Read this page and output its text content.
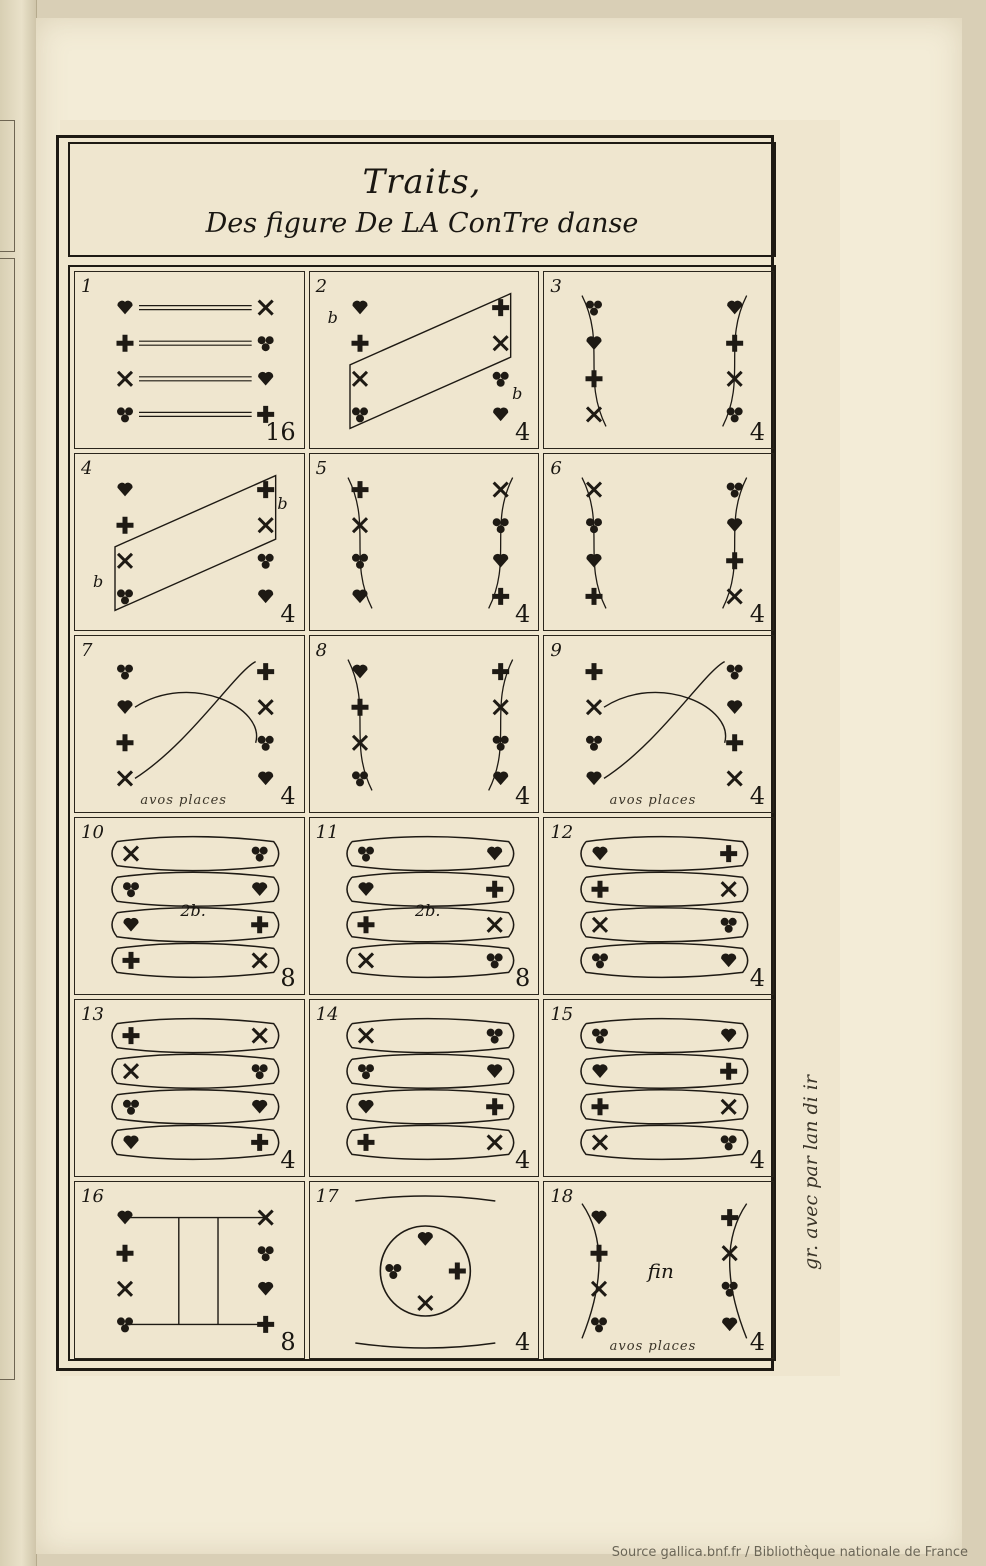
Traits,
Des figure De LA ConTre danse
1
16
2
4
b
b
3
4
4
4
b
b
5
4
6
4
7
4
avos places
8
4
9
4
avos places
10
8
2b.
11
8
2b.
12
4
13
4
14
4
15
4
16
8
17
4
fin
18
4
avos places
gr. avec par lan di ir
Source gallica.bnf.fr / Bibliothèque nationale de France
